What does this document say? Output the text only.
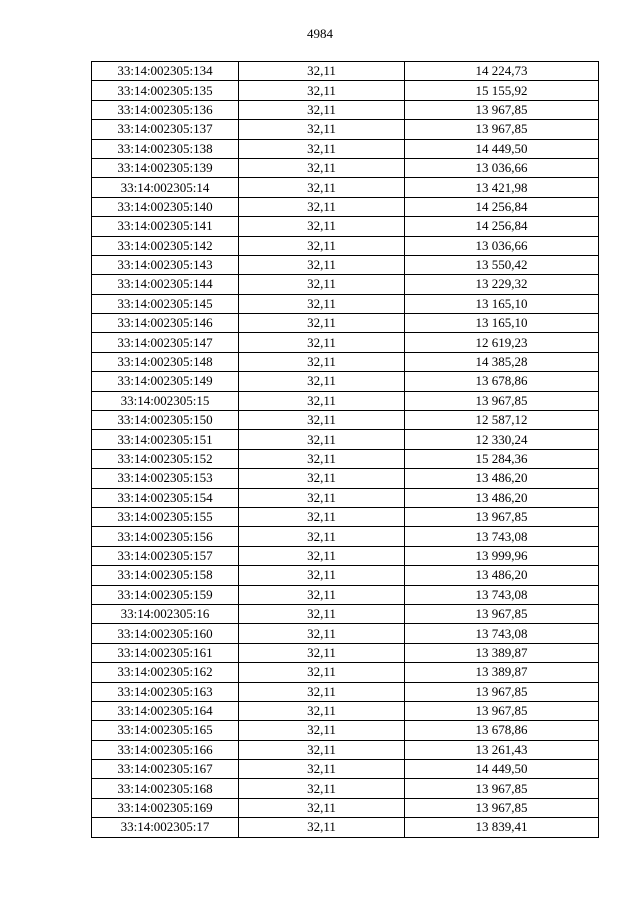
4984
33:14:002305:134	32,11	14 224,73
33:14:002305:135	32,11	15 155,92
33:14:002305:136	32,11	13 967,85
33:14:002305:137	32,11	13 967,85
33:14:002305:138	32,11	14 449,50
33:14:002305:139	32,11	13 036,66
33:14:002305:14	32,11	13 421,98
33:14:002305:140	32,11	14 256,84
33:14:002305:141	32,11	14 256,84
33:14:002305:142	32,11	13 036,66
33:14:002305:143	32,11	13 550,42
33:14:002305:144	32,11	13 229,32
33:14:002305:145	32,11	13 165,10
33:14:002305:146	32,11	13 165,10
33:14:002305:147	32,11	12 619,23
33:14:002305:148	32,11	14 385,28
33:14:002305:149	32,11	13 678,86
33:14:002305:15	32,11	13 967,85
33:14:002305:150	32,11	12 587,12
33:14:002305:151	32,11	12 330,24
33:14:002305:152	32,11	15 284,36
33:14:002305:153	32,11	13 486,20
33:14:002305:154	32,11	13 486,20
33:14:002305:155	32,11	13 967,85
33:14:002305:156	32,11	13 743,08
33:14:002305:157	32,11	13 999,96
33:14:002305:158	32,11	13 486,20
33:14:002305:159	32,11	13 743,08
33:14:002305:16	32,11	13 967,85
33:14:002305:160	32,11	13 743,08
33:14:002305:161	32,11	13 389,87
33:14:002305:162	32,11	13 389,87
33:14:002305:163	32,11	13 967,85
33:14:002305:164	32,11	13 967,85
33:14:002305:165	32,11	13 678,86
33:14:002305:166	32,11	13 261,43
33:14:002305:167	32,11	14 449,50
33:14:002305:168	32,11	13 967,85
33:14:002305:169	32,11	13 967,85
33:14:002305:17	32,11	13 839,41
